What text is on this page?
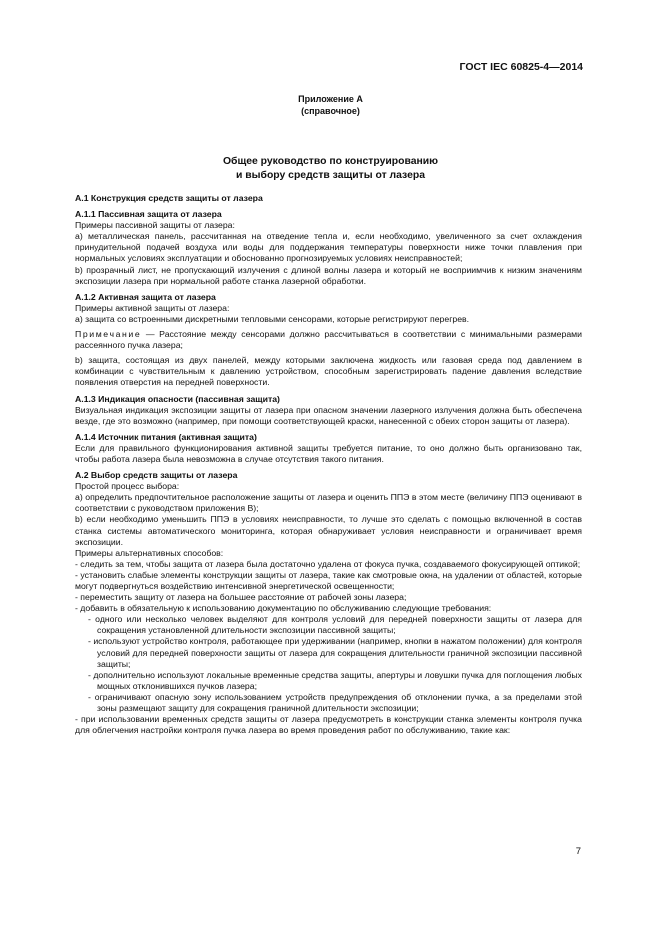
ГОСТ IEC 60825-4—2014
Приложение А
(справочное)
Общее руководство по конструированию
и выбору средств защиты от лазера
А.1 Конструкция средств защиты от лазера
А.1.1 Пассивная защита от лазера

Примеры пассивной защиты от лазера:

а) металлическая панель, рассчитанная на отведение тепла и, если необходимо, увеличенного за счет охлаждения принудительной подачей воздуха или воды для поддержания температуры поверхности ниже точки плавления при нормальных условиях эксплуатации и обоснованно прогнозируемых условиях неисправностей;

b) прозрачный лист, не пропускающий излучения с длиной волны лазера и который не восприимчив к низким значениям экспозиции лазера при нормальной работе станка лазерной обработки.

А.1.2 Активная защита от лазера

Примеры активной защиты от лазера:

а) защита со встроенными дискретными тепловыми сенсорами, которые регистрируют перегрев.

Примечание — Расстояние между сенсорами должно рассчитываться в соответствии с минимальными размерами рассеянного пучка лазера;

b) защита, состоящая из двух панелей, между которыми заключена жидкость или газовая среда под давлением в комбинации с чувствительным к давлению устройством, способным зарегистрировать падение давления вследствие появления отверстия на передней поверхности.

А.1.3 Индикация опасности (пассивная защита)

Визуальная индикация экспозиции защиты от лазера при опасном значении лазерного излучения должна быть обеспечена везде, где это возможно (например, при помощи соответствующей краски, нанесенной с обеих сторон защиты от лазера).

А.1.4 Источник питания (активная защита)

Если для правильного функционирования активной защиты требуется питание, то оно должно быть организовано так, чтобы работа лазера была невозможна в случае отсутствия такого питания.

А.2 Выбор средств защиты от лазера

Простой процесс выбора:

а) определить предпочтительное расположение защиты от лазера и оценить ППЭ в этом месте (величину ППЭ оценивают в соответствии с руководством приложения В);

b) если необходимо уменьшить ППЭ в условиях неисправности, то лучше это сделать с помощью включенной в состав станка системы автоматического мониторинга, которая обнаруживает условия неисправности и ограничивает время экспозиции.

Примеры альтернативных способов:

- следить за тем, чтобы защита от лазера была достаточно удалена от фокуса пучка, создаваемого фокусирующей оптикой;

- установить слабые элементы конструкции защиты от лазера, такие как смотровые окна, на удалении от областей, которые могут подвергнуться воздействию интенсивной энергетической освещенности;

- переместить защиту от лазера на большее расстояние от рабочей зоны лазера;

- добавить в обязательную к использованию документацию по обслуживанию следующие требования:

- одного или несколько человек выделяют для контроля условий для передней поверхности защиты от лазера для сокращения установленной длительности экспозиции пассивной защиты;
- используют устройство контроля, работающее при удерживании (например, кнопки в нажатом положении) для контроля условий для передней поверхности защиты от лазера для сокращения длительности граничной экспозиции пассивной защиты;
- дополнительно используют локальные временные средства защиты, апертуры и ловушки пучка для поглощения любых мощных отклонившихся пучков лазера;
- ограничивают опасную зону использованием устройств предупреждения об отклонении пучка, а за пределами этой зоны размещают защиту для сокращения граничной длительности экспозиции;

- при использовании временных средств защиты от лазера предусмотреть в конструкции станка элементы контроля пучка для облегчения настройки контроля пучка лазера во время проведения работ по обслуживанию, такие как:

7
